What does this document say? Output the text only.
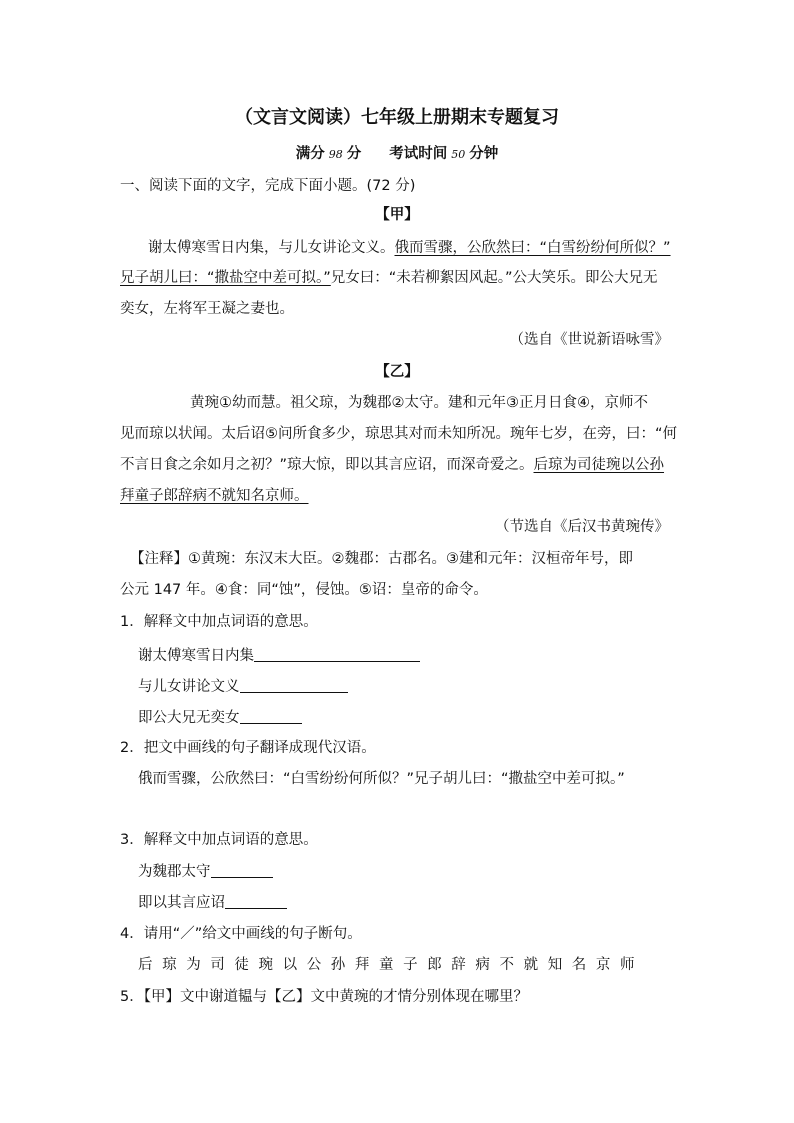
（文言文阅读）七年级上册期末专题复习
满分 98 分 考试时间 50 分钟
一、阅读下面的文字，完成下面小题。(72 分)
【甲】
谢太傅寒雪日内集，与儿女讲论文义。俄而雪骤，公欣然曰：“白雪纷纷何所似？”
兄子胡儿曰：“撒盐空中差可拟。”兄女曰：“未若柳絮因风起。”公大笑乐。即公大兄无
奕女，左将军王凝之妻也。
（选自《世说新语咏雪》
【乙】
黄琬①幼而慧。祖父琼，为魏郡②太守。建和元年③正月日食④，京师不
见而琼以状闻。太后诏⑤问所食多少，琼思其对而未知所况。琬年七岁，在旁，曰：“何
不言日食之余如月之初？”琼大惊，即以其言应诏，而深奇爱之。后琼为司徒琬以公孙
拜童子郎辞病不就知名京师。
（节选自《后汉书黄琬传》
【注释】①黄琬：东汉末大臣。②魏郡：古郡名。③建和元年：汉桓帝年号，即
公元 147 年。④食：同“蚀”，侵蚀。⑤诏：皇帝的命令。
1．解释文中加点词语的意思。
谢太傅寒雪日内集
与儿女讲论文义
即公大兄无奕女
2．把文中画线的句子翻译成现代汉语。
俄而雪骤，公欣然曰：“白雪纷纷何所似？”兄子胡儿曰：“撒盐空中差可拟。”
3．解释文中加点词语的意思。
为魏郡太守
即以其言应诏
4．请用“／”给文中画线的句子断句。
后琼为司徒琬以公孙拜童子郎辞病不就知名京师
5．【甲】文中谢道韫与【乙】文中黄琬的才情分别体现在哪里？
